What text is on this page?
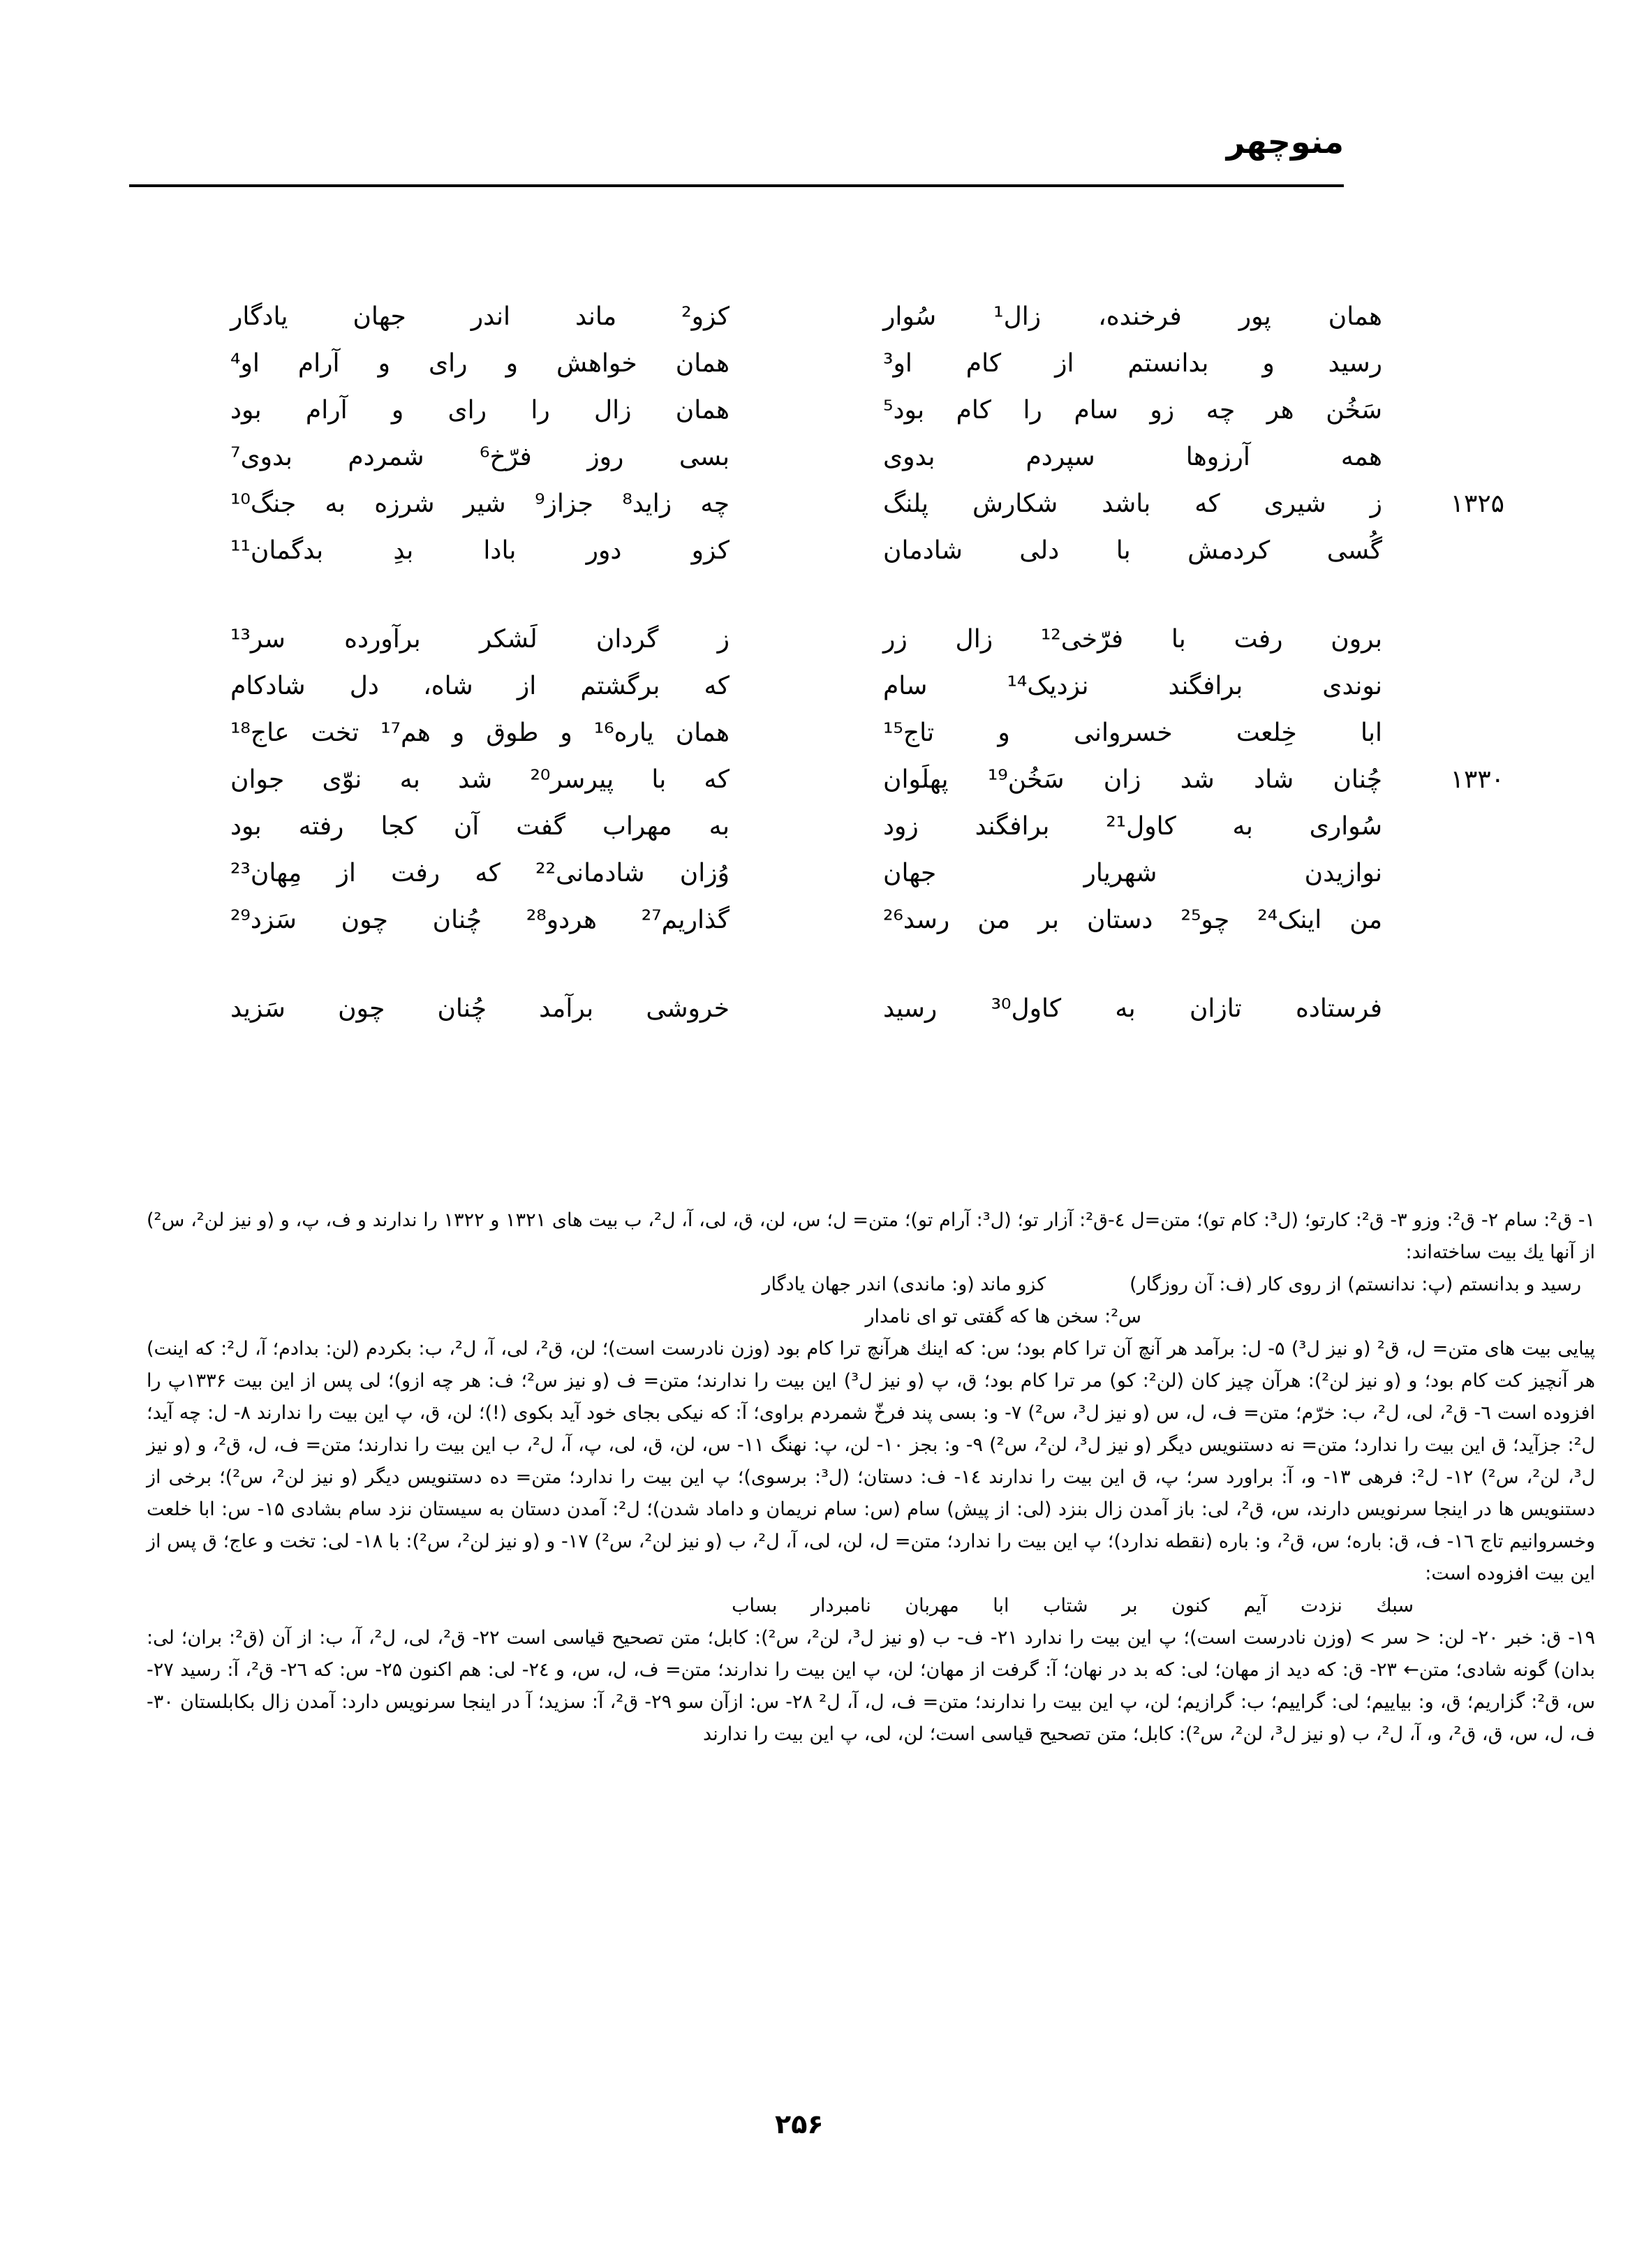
منوچهر
همان پور فرخنده، زال¹ سُوار
کزو² ماند اندر جهان یادگار
رسید و بدانستم از کام او³
همان خواهش و رای و آرام او⁴
سَخُن هر چه زو سام را کام بود⁵
همان زال را رای و آرام بود
همه آرزوها سپردم بدوی
بسی روز فرّخ⁶ شمردم بدوی⁷
ز شیری که باشد شکارش پلنگ
چه زاید⁸ جزاز⁹ شیر شرزه به جنگ¹⁰	۱۳۲۵
گُسی کردمش با دلی شادمان
کزو دور بادا بدِ بدگمان¹¹
برون رفت با فرّخی¹² زال زر
ز گردان لَشکر برآورده سر¹³
نوندی برافگند نزدیک¹⁴ سام
که برگشتم از شاه، دل شادکام
ابا خِلعت خسروانی و تاج¹⁵
همان یاره¹⁶ و طوق و هم¹⁷ تخت عاج¹⁸
چُنان شاد شد زان سَخُن¹⁹ پهلَوان
که با پیرسر²⁰ شد به نوّی جوان	۱۳۳۰
سُواری به کاول²¹ برافگند زود
به مهراب گفت آن کجا رفته بود
نوازیدن شهریار جهان
وُزان شادمانی²² که رفت از مِهان²³
من اینک²⁴ چو²⁵ دستان بر من رسد²⁶
گذاریم²⁷ هردو²⁸ چُنان چون سَزد²⁹
فرستاده تازان به کاول³⁰ رسید
خروشی برآمد چُنان چون سَزید

۱- ق²: سام ۲- ق²: وزو ۳- ق²: کارتو؛ (ل³: کام تو)؛ متن=ل ٤-ق²: آزار تو؛ (ل³: آرام تو)؛ متن= ل؛ س، لن، ق، لی، آ، ل²، ب بیت های ۱۳۲۱ و ۱۳۲۲ را ندارند و ف، پ، و (و نیز لن²، س²) از آنها یك بیت ساخته‌اند:

رسید و بدانستم (پ: ندانستم) از روی کار (ف: آن روزگار)
کزو ماند (و: ماندی) اندر جهان یادگار
س²: سخن ها که گفتی تو ای نامدار

پیایی بیت های متن= ل، ق² (و نیز ل³) ۵- ل: برآمد هر آنچ آن ترا کام بود؛ س: که اینك هرآنچ ترا کام بود (وزن نادرست است)؛ لن، ق²، لی، آ، ل²، ب: بکردم (لن: بدادم؛ آ، ل²: که اینت) هر آنچیز کت کام بود؛ و (و نیز لن²): هرآن چیز کان (لن²: کو) مر ترا کام بود؛ ق، پ (و نیز ل³) این بیت را ندارند؛ متن= ف (و نیز س²؛ ف: هر چه ازو)؛ لی پس از این بیت ۱۳۳۶پ را افزوده است ٦- ق²، لی، ل²، ب: خرّم؛ متن= ف، ل، س (و نیز ل³، س²) ۷- و: بسی پند فرخّ شمردم براوی؛ آ: که نیکی بجای خود آید بکوی (!)؛ لن، ق، پ این بیت را ندارند ۸- ل: چه آید؛ ل²: جزآید؛ ق این بیت را ندارد؛ متن= نه دستنویس دیگر (و نیز ل³، لن²، س²) ۹- و: بجز ۱۰- لن، پ: نهنگ ۱۱- س، لن، ق، لی، پ، آ، ل²، ب این بیت را ندارند؛ متن= ف، ل، ق²، و (و نیز ل³، لن²، س²) ۱۲- ل²: فرهی ۱۳- و، آ: براورد سر؛ پ، ق این بیت را ندارند ١٤- ف: دستان؛ (ل³: برسوی)؛ پ این بیت را ندارد؛ متن= ده دستنویس دیگر (و نیز لن²، س²)؛ برخی از دستنویس ها در اینجا سرنویس دارند، س، ق²، لی: باز آمدن زال بنزد (لی: از پیش) سام (س: سام نریمان و داماد شدن)؛ ل²: آمدن دستان به سیستان نزد سام بشادی ۱۵- س: ابا خلعت وخسروانیم تاج ۱٦- ف، ق: باره؛ س، ق²، و: باره (نقطه ندارد)؛ پ این بیت را ندارد؛ متن= ل، لن، لی، آ، ل²، ب (و نیز لن²، س²) ۱۷- و (و نیز لن²، س²): با ۱۸- لی: تخت و عاج؛ ق پس از این بیت افزوده است:

سبك نزدت آیم کنون بر شتاب ابا مهربان نامبردار بساب

۱۹- ق: خبر ۲۰- لن: < سر > (وزن نادرست است)؛ پ این بیت را ندارد ۲۱- ف- ب (و نیز ل³، لن²، س²): کابل؛ متن تصحیح قیاسی است ۲۲- ق²، لی، ل²، آ، ب: از آن (ق²: بران؛ لی: بدان) گونه شادی؛ متن← ۲۳- ق: که دید از مهان؛ لی: که بد در نهان؛ آ: گرفت از مهان؛ لن، پ این بیت را ندارند؛ متن= ف، ل، س، و ٢٤- لی: هم اکنون ۲۵- س: که ٢٦- ق²، آ: رسید ۲۷- س، ق²: گزاریم؛ ق، و: بیاییم؛ لی: گراییم؛ ب: گرازیم؛ لن، پ این بیت را ندارند؛ متن= ف، ل، آ، ل² ۲۸- س: ازآن سو ۲۹- ق²، آ: سزید؛ آ در اینجا سرنویس دارد: آمدن زال بکابلستان ۳۰- ف، ل، س، ق، ق²، و، آ، ل²، ب (و نیز ل³، لن²، س²): کابل؛ متن تصحیح قیاسی است؛ لن، لی، پ این بیت را ندارند

۲۵۶
